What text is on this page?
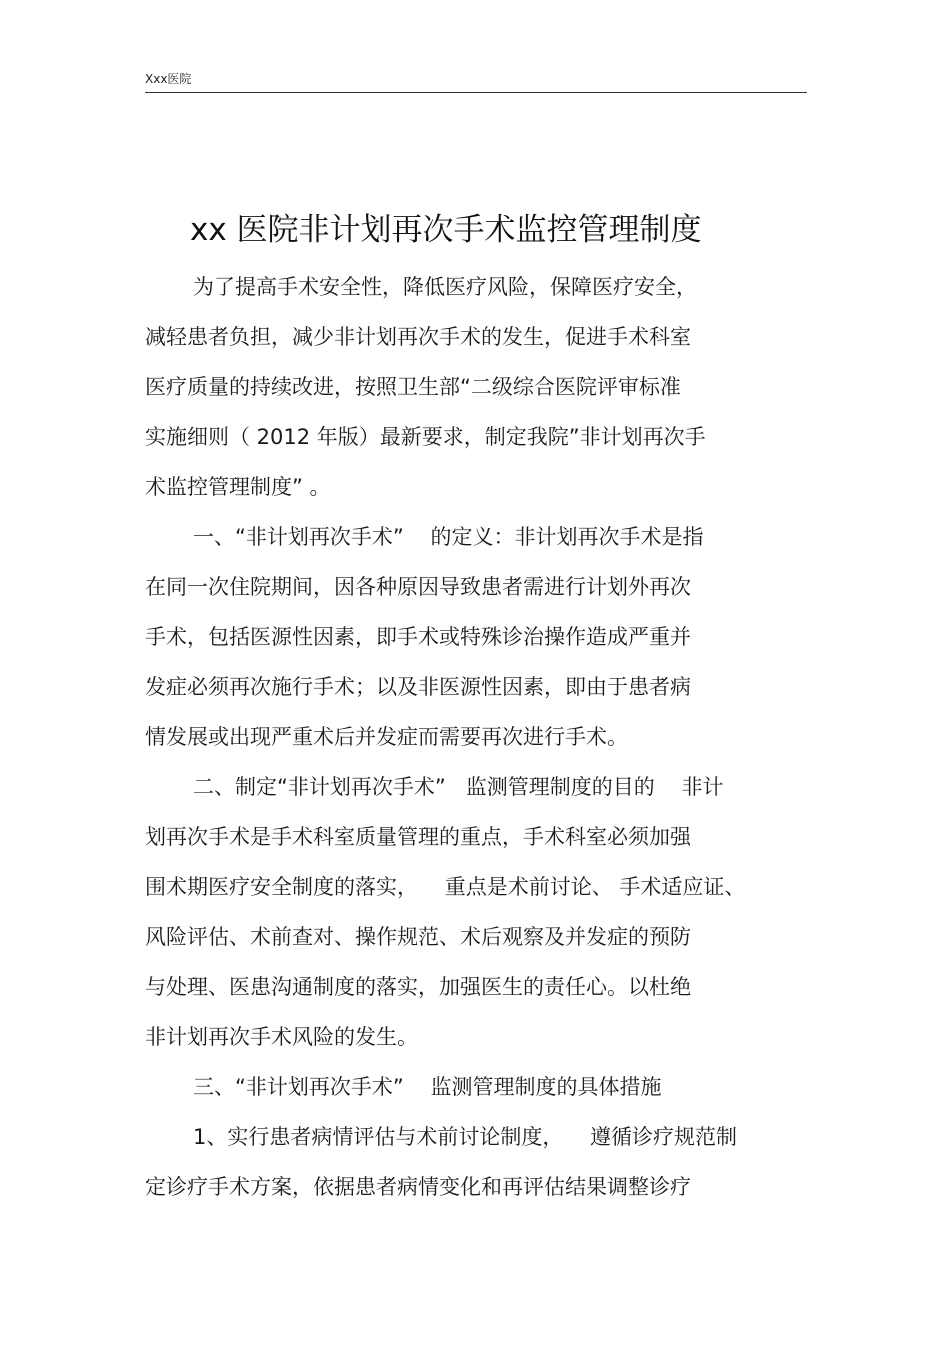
Xxx医院
xx 医院非计划再次手术监控管理制度
为了提高手术安全性，降低医疗风险，保障医疗安全，
减轻患者负担，减少非计划再次手术的发生，促进手术科室
医疗质量的持续改进，按照卫生部“二级综合医院评审标准
实施细则（ 2012 年版）最新要求，制定我院”非计划再次手
术监控管理制度” 。
一、“非计划再次手术”    的定义：非计划再次手术是指
在同一次住院期间，因各种原因导致患者需进行计划外再次
手术，包括医源性因素，即手术或特殊诊治操作造成严重并
发症必须再次施行手术；以及非医源性因素，即由于患者病
情发展或出现严重术后并发症而需要再次进行手术。
二、制定“非计划再次手术”   监测管理制度的目的    非计
划再次手术是手术科室质量管理的重点，手术科室必须加强
围术期医疗安全制度的落实，    重点是术前讨论、 手术适应证、
风险评估、术前查对、操作规范、术后观察及并发症的预防
与处理、医患沟通制度的落实，加强医生的责任心。以杜绝
非计划再次手术风险的发生。
三、“非计划再次手术”    监测管理制度的具体措施
1、实行患者病情评估与术前讨论制度，    遵循诊疗规范制
定诊疗手术方案，依据患者病情变化和再评估结果调整诊疗
